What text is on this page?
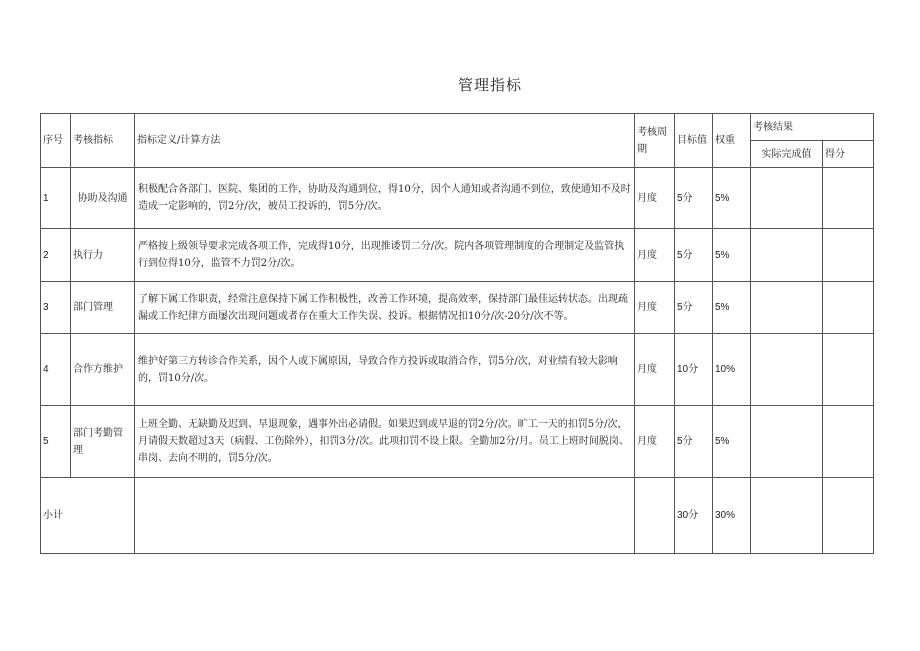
管理指标
序号	考核指标	指标定义/计算方法	考核周期	目标值	权重	考核结果	
						实际完成值	得分
1	协助及沟通	积极配合各部门、医院、集团的工作，协助及沟通到位，得10分，因个人通知或者沟通不到位，致使通知不及时造成一定影响的，罚2分/次，被员工投诉的，罚5分/次。	月度	5分	5%		
2	执行力	严格按上级领导要求完成各项工作，完成得10分，出现推诿罚二分/次。院内各项管理制度的合理制定及监管执行到位得10分，监管不力罚2分/次。	月度	5分	5%		
3	部门管理	了解下属工作职责，经常注意保持下属工作积极性，改善工作环境，提高效率，保持部门最佳运转状态。出现疏漏或工作纪律方面屡次出现问题或者存在重大工作失误、投诉。根据情况扣10分/次-20分/次不等。	月度	5分	5%		
4	合作方维护	维护好第三方转诊合作关系，因个人或下属原因，导致合作方投诉或取消合作，罚5分/次，对业绩有较大影响的，罚10分/次。	月度	10分	10%		
5	部门考勤管理	上班全勤、无缺勤及迟到、早退现象，遇事外出必请假。如果迟到或早退的罚2分/次。旷工一天的扣罚5分/次，月请假天数超过3天（病假、工伤除外），扣罚3分/次。此项扣罚不设上限。全勤加2分/月。员工上班时间脱岗、串岗、去向不明的，罚5分/次。	月度	5分	5%		
小计				30分	30%		
